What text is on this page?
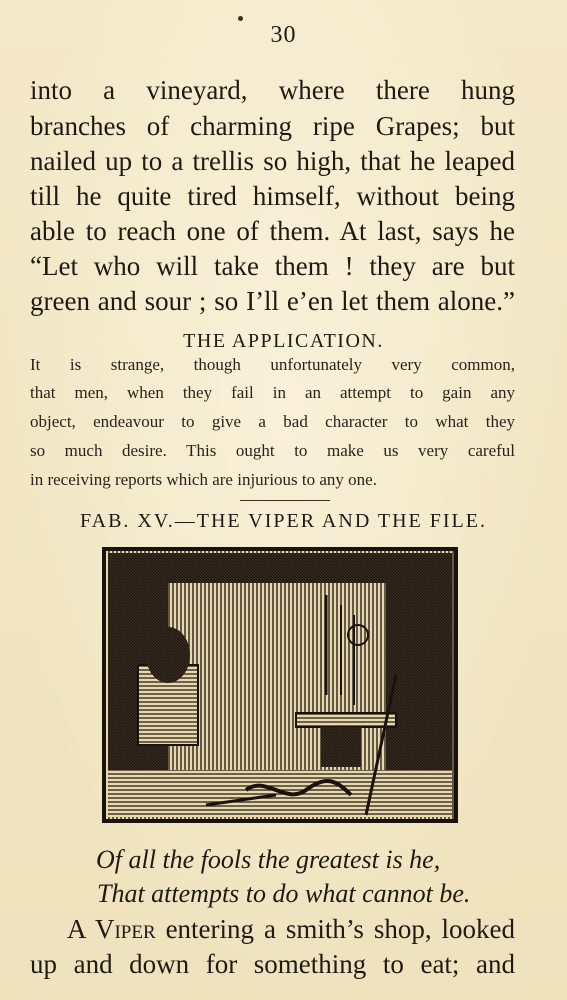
30
into a vineyard, where there hung
branches of charming ripe Grapes; but
nailed up to a trellis so high, that he leaped
till he quite tired himself, without being
able to reach one of them. At last, says he
“Let who will take them ! they are but
green and sour ; so I’ll e’en let them alone.”
THE APPLICATION.
It is strange, though unfortunately very common,
that men, when they fail in an attempt to gain any
object, endeavour to give a bad character to what they
so much desire. This ought to make us very careful
in receiving reports which are injurious to any one.
FAB. XV.—THE VIPER AND THE FILE.
Of all the fools the greatest is he,
That attempts to do what cannot be.
A Viper entering a smith’s shop, looked
up and down for something to eat; and
